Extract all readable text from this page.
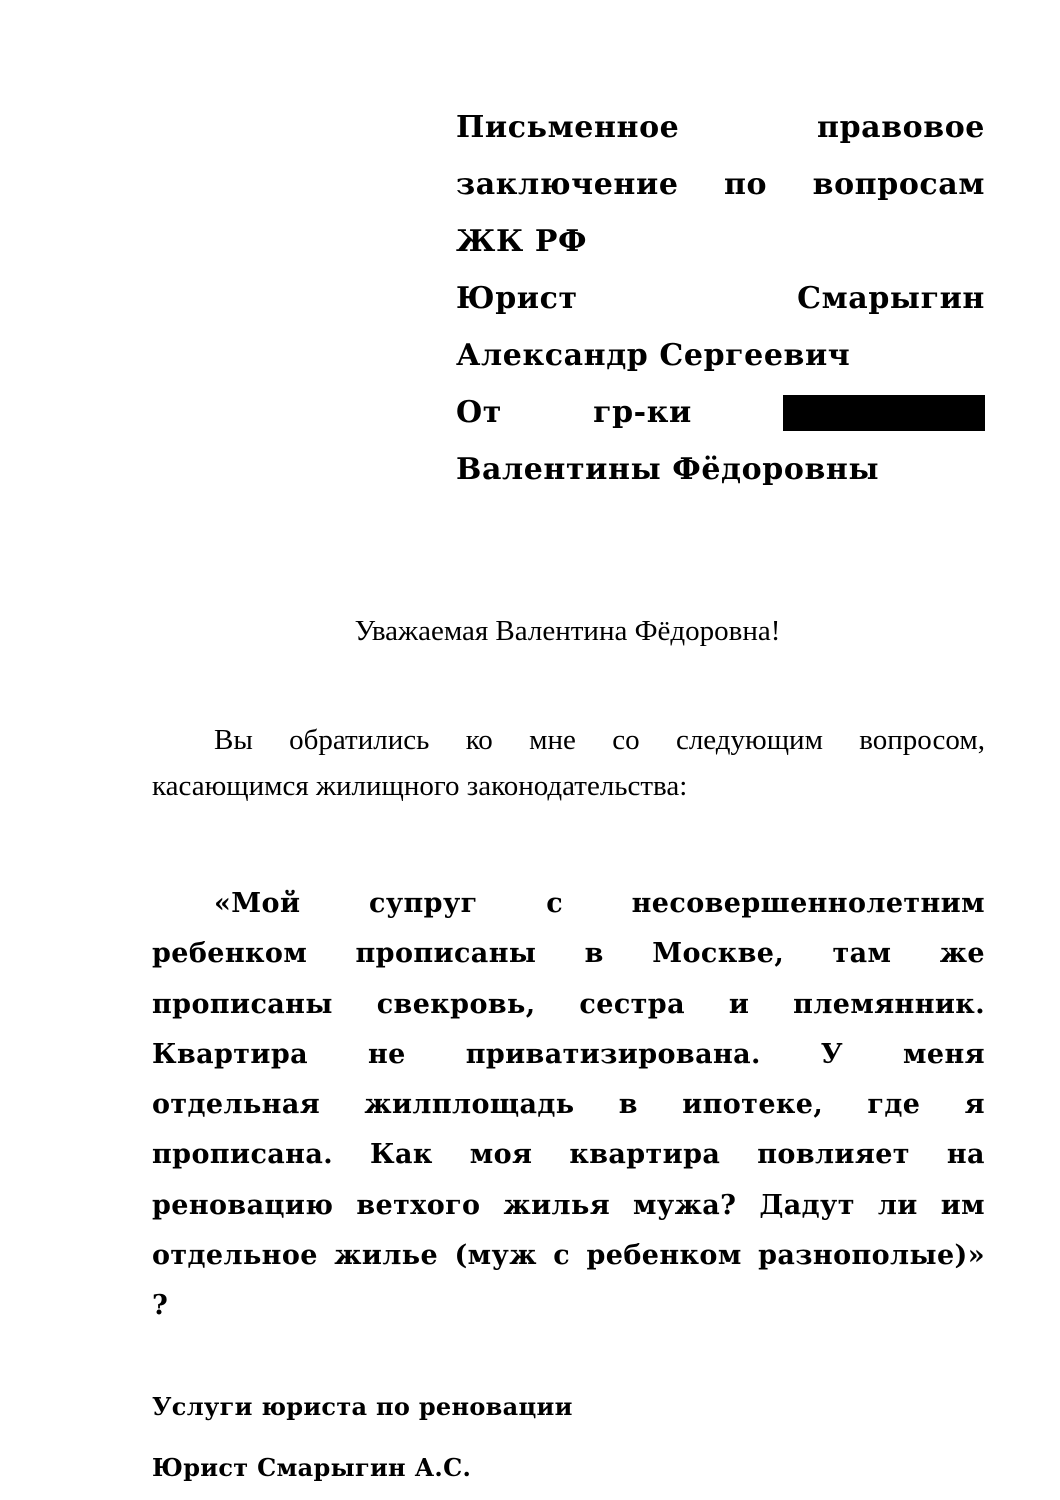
Письменное	правовое
заключение по вопросам
ЖК РФ
Юрист	Смарыгин
Александр Сергеевич
От	гр-ки
Валентины Фёдоровны
Уважаемая Валентина Фёдоровна!
Вы обратились ко мне со следующим вопросом,
касающимся жилищного законодательства:
«Мой	супруг	с	несовершеннолетним
ребенком прописаны в Москве, там же
прописаны свекровь, сестра и племянник.
Квартира не приватизирована. У меня
отдельная жилплощадь в ипотеке, где я
прописана. Как моя квартира повлияет на
реновацию ветхого жилья мужа? Дадут ли им
отдельное жилье (муж с ребенком разнополые)»
?
Услуги юриста по реновации
Юрист Смарыгин А.С.
